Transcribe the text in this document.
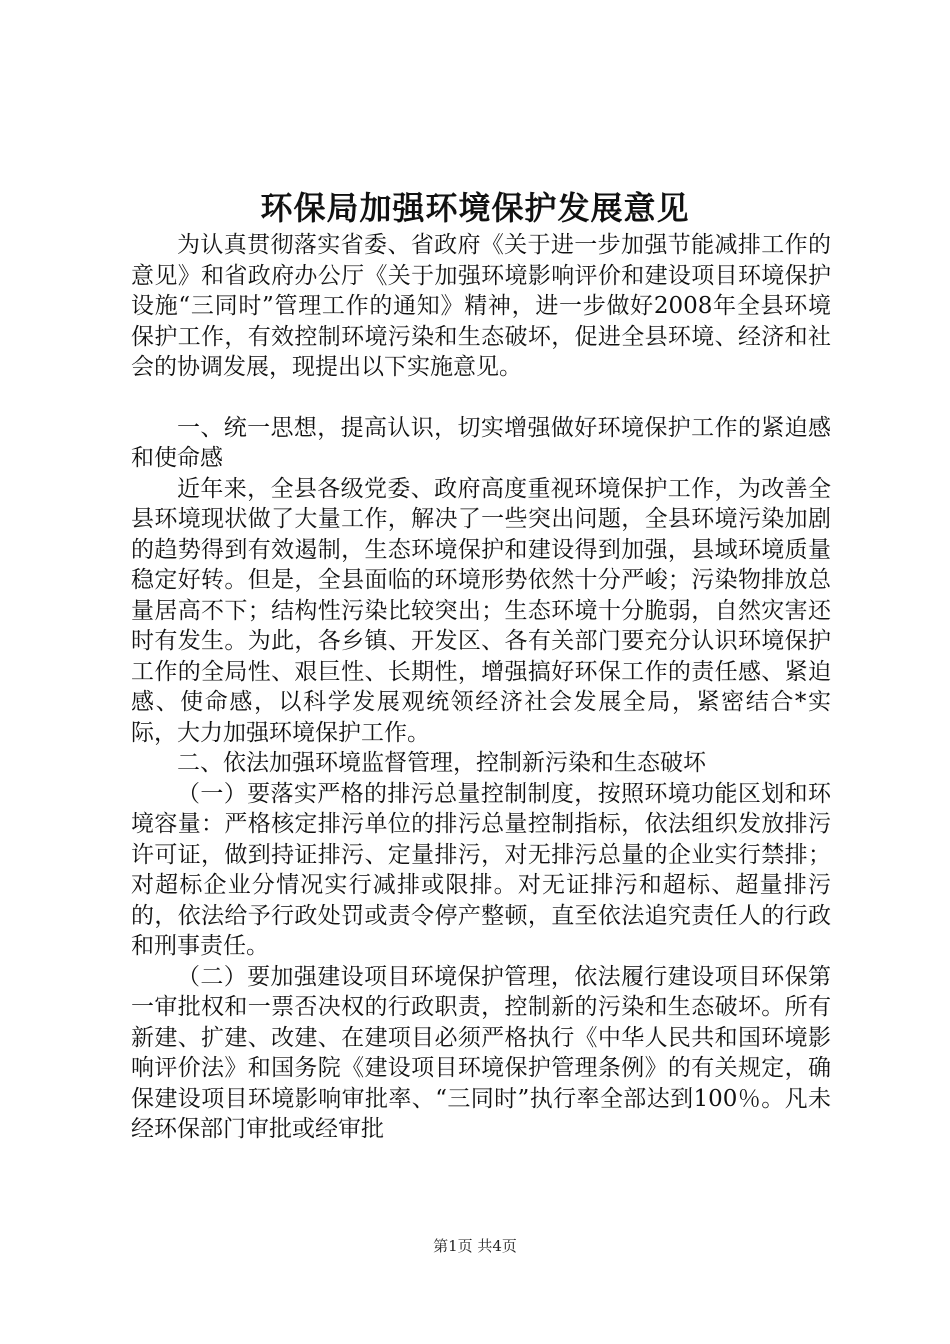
环保局加强环境保护发展意见

为认真贯彻落实省委、省政府《关于进一步加强节能减排工作的意见》和省政府办公厅《关于加强环境影响评价和建设项目环境保护设施“三同时”管理工作的通知》精神，进一步做好2008年全县环境保护工作，有效控制环境污染和生态破坏，促进全县环境、经济和社会的协调发展，现提出以下实施意见。

一、统一思想，提高认识，切实增强做好环境保护工作的紧迫感和使命感

近年来，全县各级党委、政府高度重视环境保护工作，为改善全县环境现状做了大量工作，解决了一些突出问题，全县环境污染加剧的趋势得到有效遏制，生态环境保护和建设得到加强，县域环境质量稳定好转。但是，全县面临的环境形势依然十分严峻；污染物排放总量居高不下；结构性污染比较突出；生态环境十分脆弱，自然灾害还时有发生。为此，各乡镇、开发区、各有关部门要充分认识环境保护工作的全局性、艰巨性、长期性，增强搞好环保工作的责任感、紧迫感、使命感，以科学发展观统领经济社会发展全局，紧密结合*实际，大力加强环境保护工作。

二、依法加强环境监督管理，控制新污染和生态破坏

（一）要落实严格的排污总量控制制度，按照环境功能区划和环境容量：严格核定排污单位的排污总量控制指标，依法组织发放排污许可证，做到持证排污、定量排污，对无排污总量的企业实行禁排；对超标企业分情况实行减排或限排。对无证排污和超标、超量排污的，依法给予行政处罚或责令停产整顿，直至依法追究责任人的行政和刑事责任。

（二）要加强建设项目环境保护管理，依法履行建设项目环保第一审批权和一票否决权的行政职责，控制新的污染和生态破坏。所有新建、扩建、改建、在建项目必须严格执行《中华人民共和国环境影响评价法》和国务院《建设项目环境保护管理条例》的有关规定，确保建设项目环境影响审批率、“三同时”执行率全部达到100％。凡未经环保部门审批或经审批

第1页 共4页
